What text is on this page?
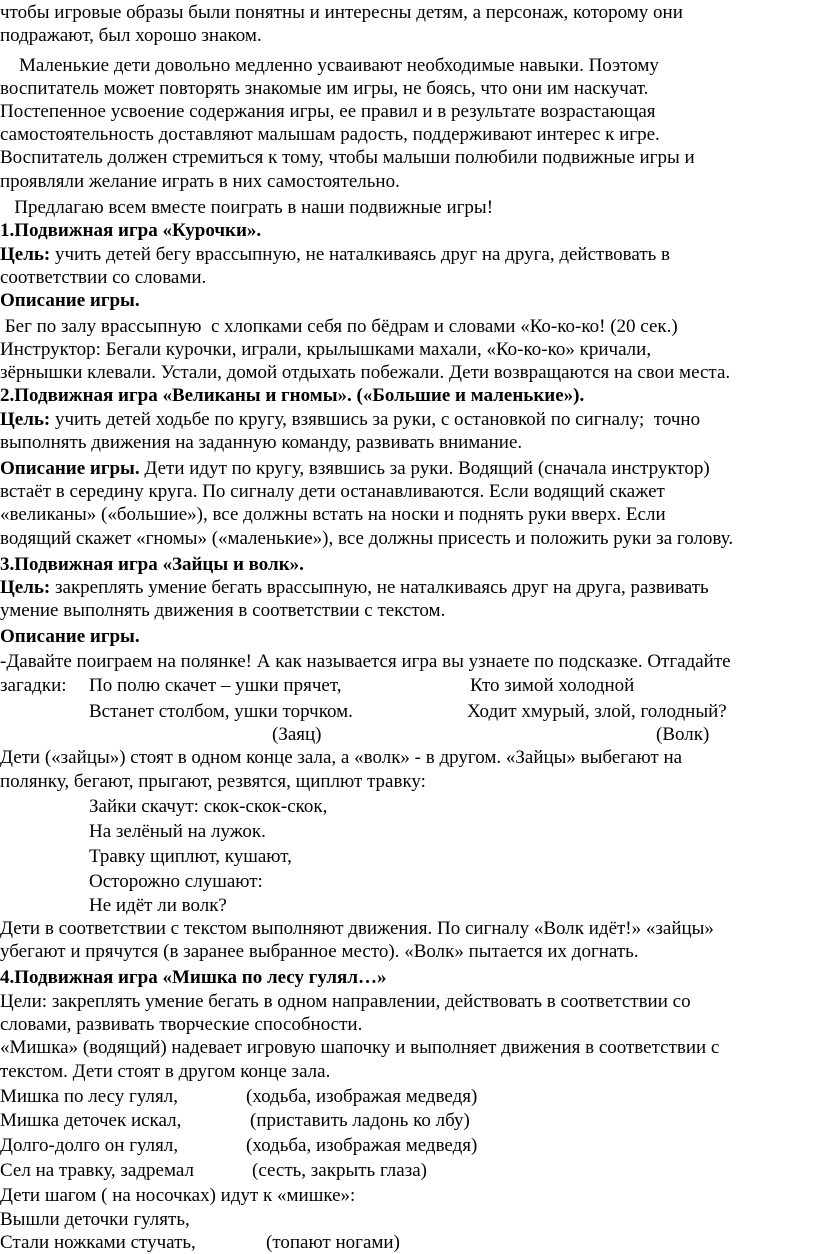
чтобы игровые образы были понятны и интересны детям, а персонаж, которому они
подражают, был хорошо знаком.
Маленькие дети довольно медленно усваивают необходимые навыки. Поэтому
воспитатель может повторять знакомые им игры, не боясь, что они им наскучат.
Постепенное усвоение содержания игры, ее правил и в результате возрастающая
самостоятельность доставляют малышам радость, поддерживают интерес к игре.
Воспитатель должен стремиться к тому, чтобы малыши полюбили подвижные игры и
проявляли желание играть в них самостоятельно.
Предлагаю всем вместе поиграть в наши подвижные игры!
1.Подвижная игра «Курочки».
Цель: учить детей бегу врассыпную, не наталкиваясь друг на друга, действовать в
соответствии со словами.
Описание игры.
Бег по залу врассыпную  с хлопками себя по бёдрам и словами «Ко-ко-ко! (20 сек.)
Инструктор: Бегали курочки, играли, крылышками махали, «Ко-ко-ко» кричали,
зёрнышки клевали. Устали, домой отдыхать побежали. Дети возвращаются на свои места.
2.Подвижная игра «Великаны и гномы». («Большие и маленькие»).
Цель: учить детей ходьбе по кругу, взявшись за руки, с остановкой по сигналу;  точно
выполнять движения на заданную команду, развивать внимание.
Описание игры. Дети идут по кругу, взявшись за руки. Водящий (сначала инструктор)
встаёт в середину круга. По сигналу дети останавливаются. Если водящий скажет
«великаны» («большие»), все должны встать на носки и поднять руки вверх. Если
водящий скажет «гномы» («маленькие»), все должны присесть и положить руки за голову.
3.Подвижная игра «Зайцы и волк».
Цель: закреплять умение бегать врассыпную, не наталкиваясь друг на друга, развивать
умение выполнять движения в соответствии с текстом.
Описание игры.
-Давайте поиграем на полянке! А как называется игра вы узнаете по подсказке. Отгадайте
загадки: По полю скачет – ушки прячет,	Кто зимой холодной
Встанет столбом, ушки торчком.	Ходит хмурый, злой, голодный?
(Заяц)	(Волк)
Дети («зайцы») стоят в одном конце зала, а «волк» - в другом. «Зайцы» выбегают на
полянку, бегают, прыгают, резвятся, щиплют травку:
Зайки скачут: скок-скок-скок,
На зелёный на лужок.
Травку щиплют, кушают,
Осторожно слушают:
Не идёт ли волк?
Дети в соответствии с текстом выполняют движения. По сигналу «Волк идёт!» «зайцы»
убегают и прячутся (в заранее выбранное место). «Волк» пытается их догнать.
4.Подвижная игра «Мишка по лесу гулял…»
Цели: закреплять умение бегать в одном направлении, действовать в соответствии со
словами, развивать творческие способности.
«Мишка» (водящий) надевает игровую шапочку и выполняет движения в соответствии с
текстом. Дети стоят в другом конце зала.
Мишка по лесу гулял,	(ходьба, изображая медведя)
Мишка деточек искал,	(приставить ладонь ко лбу)
Долго-долго он гулял,	(ходьба, изображая медведя)
Сел на травку, задремал	(сесть, закрыть глаза)
Дети шагом ( на носочках) идут к «мишке»:
Вышли деточки гулять,
Стали ножками стучать,	(топают ногами)
